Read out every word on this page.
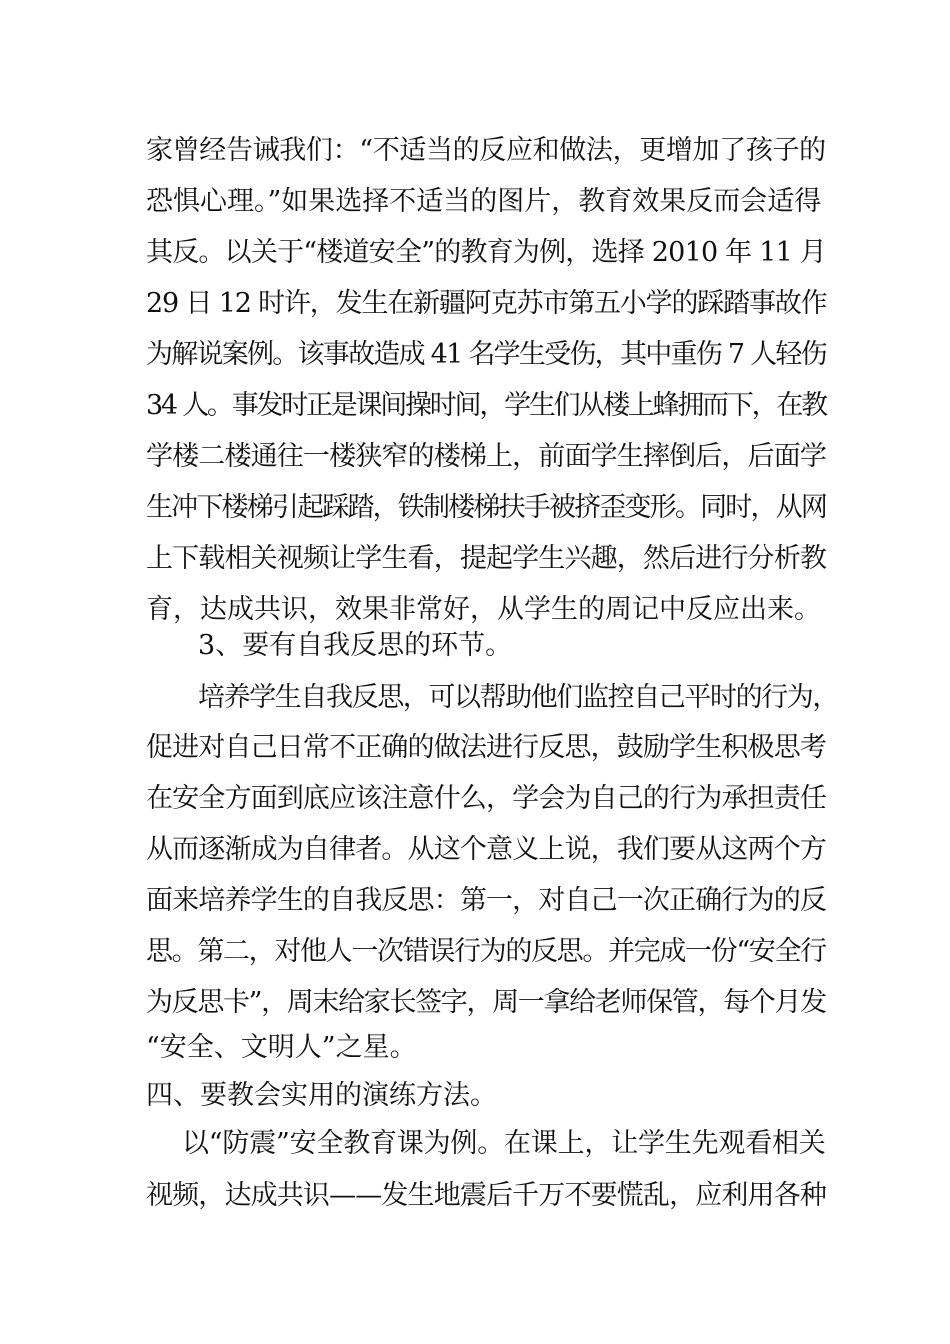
家曾经告诫我们：“不适当的反应和做法，更增加了孩子的
恐惧心理。”如果选择不适当的图片，教育效果反而会适得
其反。以关于“楼道安全”的教育为例，选择 2010 年 11 月
29 日 12 时许，发生在新疆阿克苏市第五小学的踩踏事故作
为解说案例。该事故造成 41 名学生受伤，其中重伤 7 人轻伤
34 人。事发时正是课间操时间，学生们从楼上蜂拥而下，在教
学楼二楼通往一楼狭窄的楼梯上，前面学生摔倒后，后面学
生冲下楼梯引起踩踏，铁制楼梯扶手被挤歪变形。同时，从网
上下载相关视频让学生看，提起学生兴趣，然后进行分析教
育，达成共识，效果非常好，从学生的周记中反应出来。
3、要有自我反思的环节。
培养学生自我反思，可以帮助他们监控自己平时的行为，
促进对自己日常不正确的做法进行反思，鼓励学生积极思考
在安全方面到底应该注意什么，学会为自己的行为承担责任
从而逐渐成为自律者。从这个意义上说，我们要从这两个方
面来培养学生的自我反思：第一，对自己一次正确行为的反
思。第二，对他人一次错误行为的反思。并完成一份“安全行
为反思卡”，周末给家长签字，周一拿给老师保管，每个月发
“安全、文明人”之星。
四、要教会实用的演练方法。
以“防震”安全教育课为例。在课上，让学生先观看相关
视频，达成共识——发生地震后千万不要慌乱，应利用各种
